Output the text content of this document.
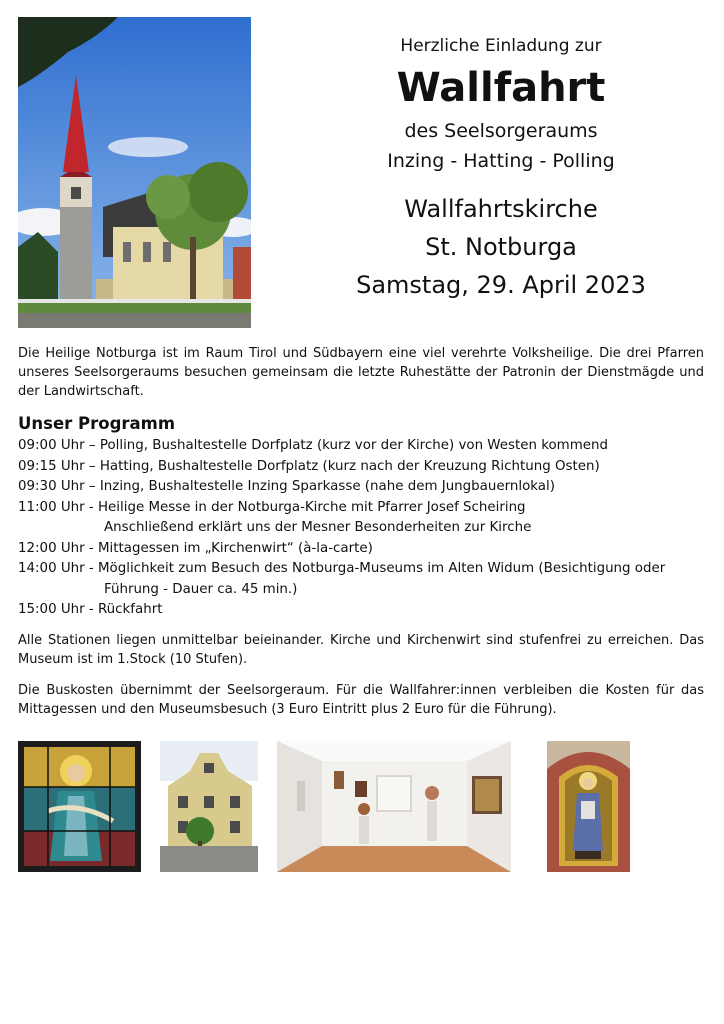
Herzliche Einladung zur
Wallfahrt
des Seelsorgeraums
Inzing - Hatting - Polling
Wallfahrtskirche
St. Notburga
Samstag, 29. April 2023

Die Heilige Notburga ist im Raum Tirol und Südbayern eine viel verehrte Volksheilige. Die drei Pfarren unseres Seelsorgeraums besuchen gemeinsam die letzte Ruhestätte der Patronin der Dienstmägde und der Landwirtschaft.

Unser Programm
09:00 Uhr – Polling, Bushaltestelle Dorfplatz (kurz vor der Kirche) von Westen kommend
09:15 Uhr – Hatting, Bushaltestelle Dorfplatz (kurz nach der Kreuzung Richtung Osten)
09:30 Uhr – Inzing, Bushaltestelle Inzing Sparkasse (nahe dem Jungbauernlokal)
11:00 Uhr - Heilige Messe in der Notburga-Kirche mit Pfarrer Josef Scheiring
Anschließend erklärt uns der Mesner Besonderheiten zur Kirche
12:00 Uhr - Mittagessen im „Kirchenwirt“ (à-la-carte)
14:00 Uhr - Möglichkeit zum Besuch des Notburga-Museums im Alten Widum (Besichtigung oder
Führung - Dauer ca. 45 min.)
15:00 Uhr - Rückfahrt

Alle Stationen liegen unmittelbar beieinander. Kirche und Kirchenwirt sind stufenfrei zu erreichen. Das Museum ist im 1.Stock (10 Stufen).

Die Buskosten übernimmt der Seelsorgeraum. Für die Wallfahrer:innen verbleiben die Kosten für das Mittagessen und den Museumsbesuch (3 Euro Eintritt plus 2 Euro für die Führung).
